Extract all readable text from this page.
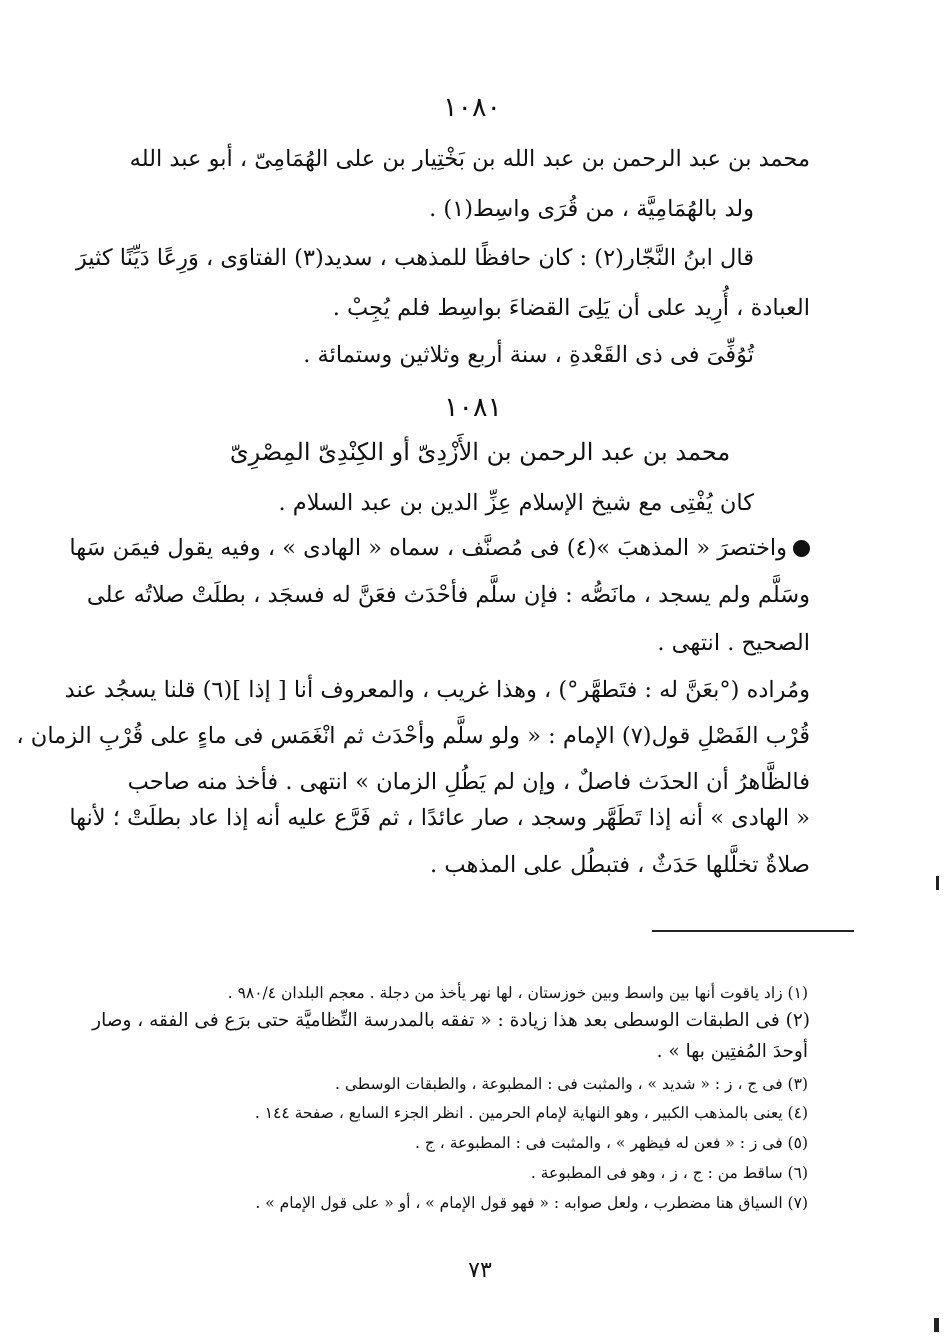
١٠٨٠
محمد بن عبد الرحمن بن عبد الله بن بَخْتِيار بن على الهُمَامِىّ ، أبو عبد الله
ولد بالهُمَامِيَّة ، من قُرَى واسِط(١) .
قال ابنُ النَّجّار(٢) : كان حافظًا للمذهب ، سديد(٣) الفتاوَى ، وَرِعًا دَيِّنًا كثيرَ
العبادة ، أُرِيد على أن يَلِىَ القضاءَ بواسِط فلم يُجِبْ .
تُوُفِّىَ فى ذى القَعْدةِ ، سنة أربع وثلاثين وستمائة .
١٠٨١
محمد بن عبد الرحمن بن الأَزْدِىّ أو الكِنْدِىّ المِصْرِىّ
كان يُفْتِى مع شيخ الإسلام عِزِّ الدين بن عبد السلام .
واختصرَ « المذهبَ »(٤) فى مُصنَّف ، سماه « الهادى » ، وفيه يقول فيمَن سَها
وسَلَّم ولم يسجد ، مانَصُّه : فإن سلَّم فأحْدَث فعَنَّ له فسجَد ، بطلَتْ صلاتُه على
الصحيح . انتهى .
ومُراده (°بعَنَّ له : فتَطهَّر°) ، وهذا غريب ، والمعروف أنا [ إذا ](٦) قلنا يسجُد عند
قُرْب الفَصْلِ قول(٧) الإمام : « ولو سلَّم وأحْدَث ثم انْغَمَس فى ماءٍ على قُرْبِ الزمان ،
فالظَّاهرُ أن الحدَث فاصلٌ ، وإن لم يَطُلِ الزمان » انتهى . فأخذ منه صاحب
« الهادى » أنه إذا تَطَهَّر وسجد ، صار عائدًا ، ثم فَرَّع عليه أنه إذا عاد بطلَتْ ؛ لأنها
صلاةٌ تخلَّلها حَدَثٌ ، فتبطُل على المذهب .
(١) زاد ياقوت أنها بين واسط وبين خوزستان ، لها نهر يأخذ من دجلة . معجم البلدان ٩٨٠/٤ .
(٢) فى الطبقات الوسطى بعد هذا زيادة : « تفقه بالمدرسة النِّظاميَّة حتى برَع فى الفقه ، وصار
أوحدَ المُفتِين بها » .
(٣) فى ج ، ز : « شديد » ، والمثبت فى : المطبوعة ، والطبقات الوسطى .
(٤) يعنى بالمذهب الكبير ، وهو النهاية لإمام الحرمين . انظر الجزء السابع ، صفحة ١٤٤ .
(٥) فى ز : « فعن له فيظهر » ، والمثبت فى : المطبوعة ، ج .
(٦) ساقط من : ج ، ز ، وهو فى المطبوعة .
(٧) السياق هنا مضطرب ، ولعل صوابه : « فهو قول الإمام » ، أو « على قول الإمام » .
٧٣
